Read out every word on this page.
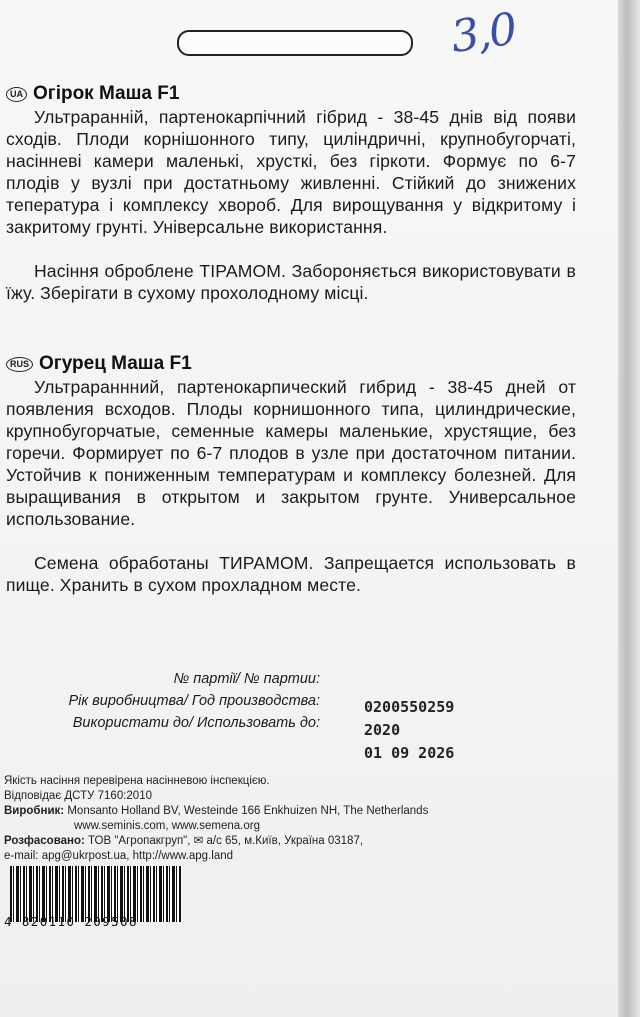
3,0
UA Огірок Маша F1

Ультраранній, партенокарпічний гібрид - 38-45 днів від появи сходів. Плоди корнішонного типу, циліндричні, крупнобугорчаті, насінневі камери маленькі, хрусткі, без гіркоти. Формує по 6-7 плодів у вузлі при достатньому живленні. Стійкий до знижених тепература і комплексу хвороб. Для вирощування у відкритому і закритому грунті. Універсальне використання.

Насіння оброблене ТІРАМОМ. Забороняється використовувати в їжу. Зберігати в сухому прохолодному місці.

RUS Огурец Маша F1

Ультрараннний, партенокарпический гибрид - 38-45 дней от появления всходов. Плоды корнишонного типа, цилиндрические, крупнобугорчатые, семенные камеры маленькие, хрустящие, без горечи. Формирует по 6-7 плодов в узле при достаточном питании. Устойчив к пониженным температурам и комплексу болезней. Для выращивания в открытом и закрытом грунте. Универсальное использование.

Семена обработаны ТИРАМОМ. Запрещается использовать в пище. Хранить в сухом прохладном месте.

№ партії/ № партии:
Рік виробництва/ Год производства:
Використати до/ Использовать до:
0200550259
2020
01 09 2026
Якість насіння перевірена насінневою інспекцією.
Відповідає ДСТУ 7160:2010
Виробник: Monsanto Holland BV, Westeinde 166 Enkhuizen NH, The Netherlands
www.seminis.com, www.semena.org
Розфасовано: ТОВ "Агропакгруп", ✉ а/с 65, м.Київ, Україна 03187,
e-mail: apg@ukrpost.ua, http://www.apg.land
4 820110 209508
